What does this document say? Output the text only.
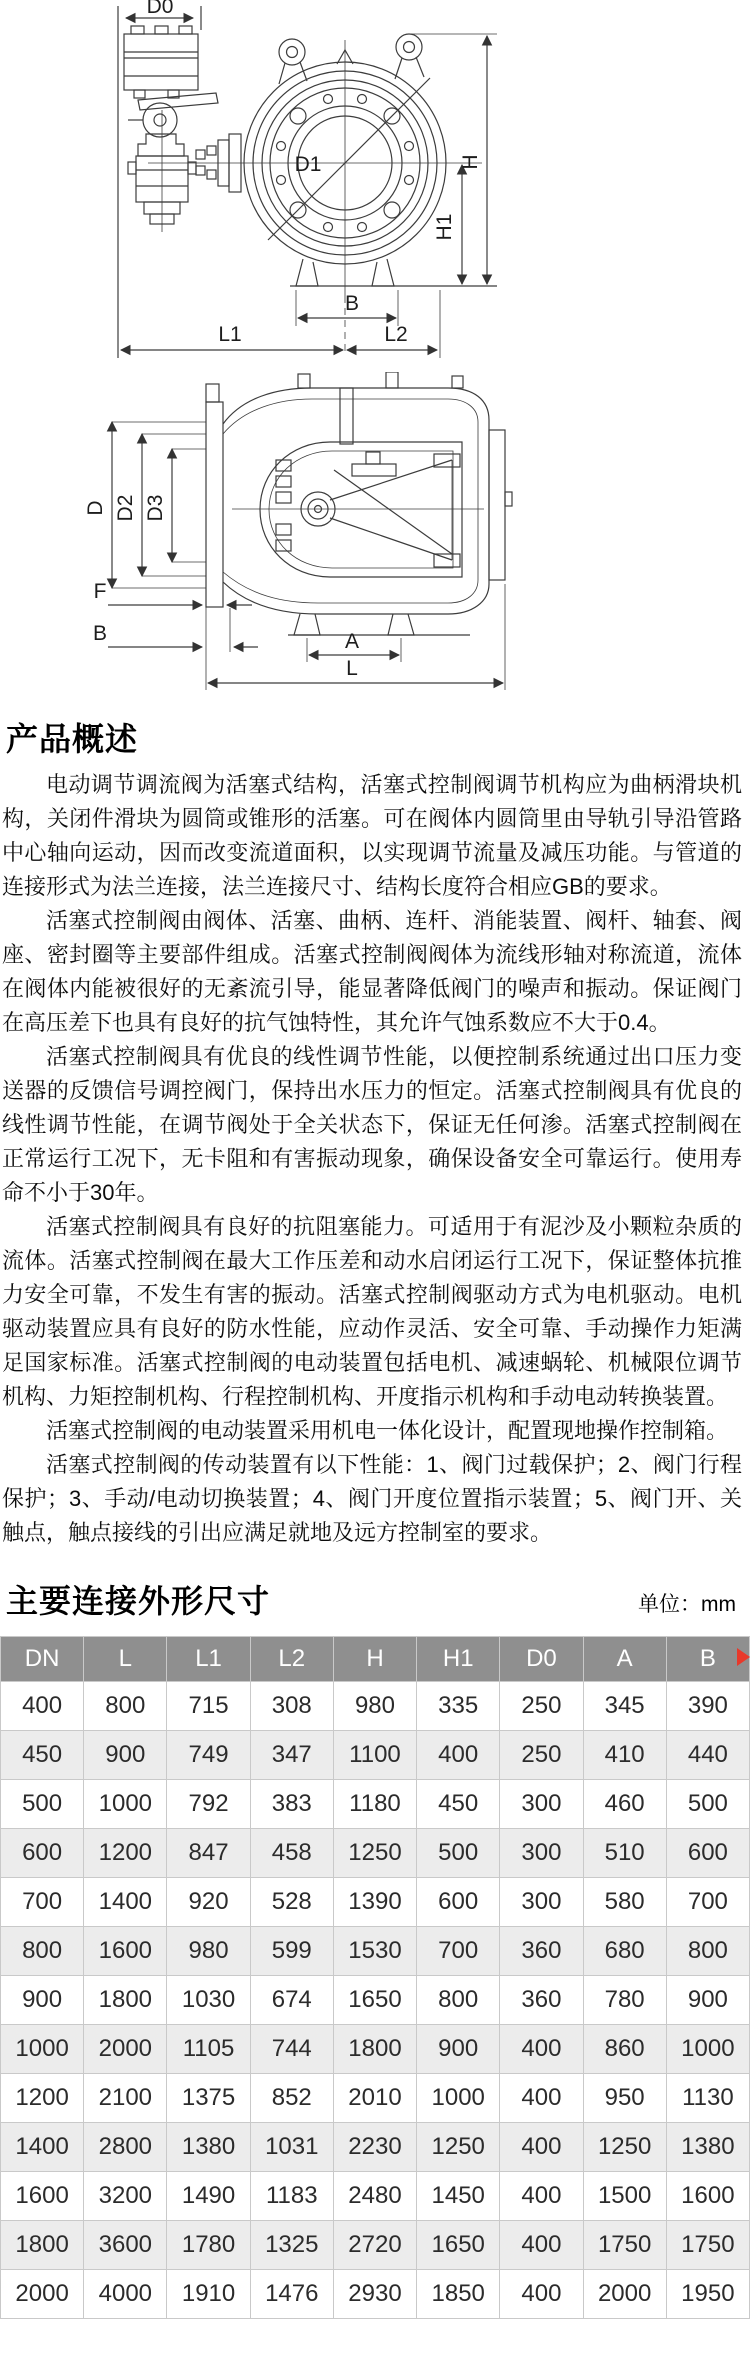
D0
D1	H
H1
B
L1	L2
D D2 D3
F
B	A
L
产品概述

电动调节调流阀为活塞式结构，活塞式控制阀调节机构应为曲柄滑块机构，关闭件滑块为圆筒或锥形的活塞。可在阀体内圆筒里由导轨引导沿管路中心轴向运动，因而改变流道面积，以实现调节流量及减压功能。与管道的连接形式为法兰连接，法兰连接尺寸、结构长度符合相应GB的要求。

活塞式控制阀由阀体、活塞、曲柄、连杆、消能装置、阀杆、轴套、阀座、密封圈等主要部件组成。活塞式控制阀阀体为流线形轴对称流道，流体在阀体内能被很好的无紊流引导，能显著降低阀门的噪声和振动。保证阀门在高压差下也具有良好的抗气蚀特性，其允许气蚀系数应不大于0.4。

活塞式控制阀具有优良的线性调节性能，以便控制系统通过出口压力变送器的反馈信号调控阀门，保持出水压力的恒定。活塞式控制阀具有优良的线性调节性能，在调节阀处于全关状态下，保证无任何渗。活塞式控制阀在正常运行工况下，无卡阻和有害振动现象，确保设备安全可靠运行。使用寿命不小于30年。

活塞式控制阀具有良好的抗阻塞能力。可适用于有泥沙及小颗粒杂质的流体。活塞式控制阀在最大工作压差和动水启闭运行工况下，保证整体抗推力安全可靠，不发生有害的振动。活塞式控制阀驱动方式为电机驱动。电机驱动装置应具有良好的防水性能，应动作灵活、安全可靠、手动操作力矩满足国家标准。活塞式控制阀的电动装置包括电机、减速蜗轮、机械限位调节机构、力矩控制机构、行程控制机构、开度指示机构和手动电动转换装置。

活塞式控制阀的电动装置采用机电一体化设计，配置现地操作控制箱。

活塞式控制阀的传动装置有以下性能：1、阀门过载保护；2、阀门行程保护；3、手动/电动切换装置；4、阀门开度位置指示装置；5、阀门开、关触点，触点接线的引出应满足就地及远方控制室的要求。

主要连接外形尺寸	单位：mm
DN	L	L1	L2	H	H1	D0	A	B
400	800	715	308	980	335	250	345	390
450	900	749	347	1100	400	250	410	440
500	1000	792	383	1180	450	300	460	500
600	1200	847	458	1250	500	300	510	600
700	1400	920	528	1390	600	300	580	700
800	1600	980	599	1530	700	360	680	800
900	1800	1030	674	1650	800	360	780	900
1000	2000	1105	744	1800	900	400	860	1000
1200	2100	1375	852	2010	1000	400	950	1130
1400	2800	1380	1031	2230	1250	400	1250	1380
1600	3200	1490	1183	2480	1450	400	1500	1600
1800	3600	1780	1325	2720	1650	400	1750	1750
2000	4000	1910	1476	2930	1850	400	2000	1950
